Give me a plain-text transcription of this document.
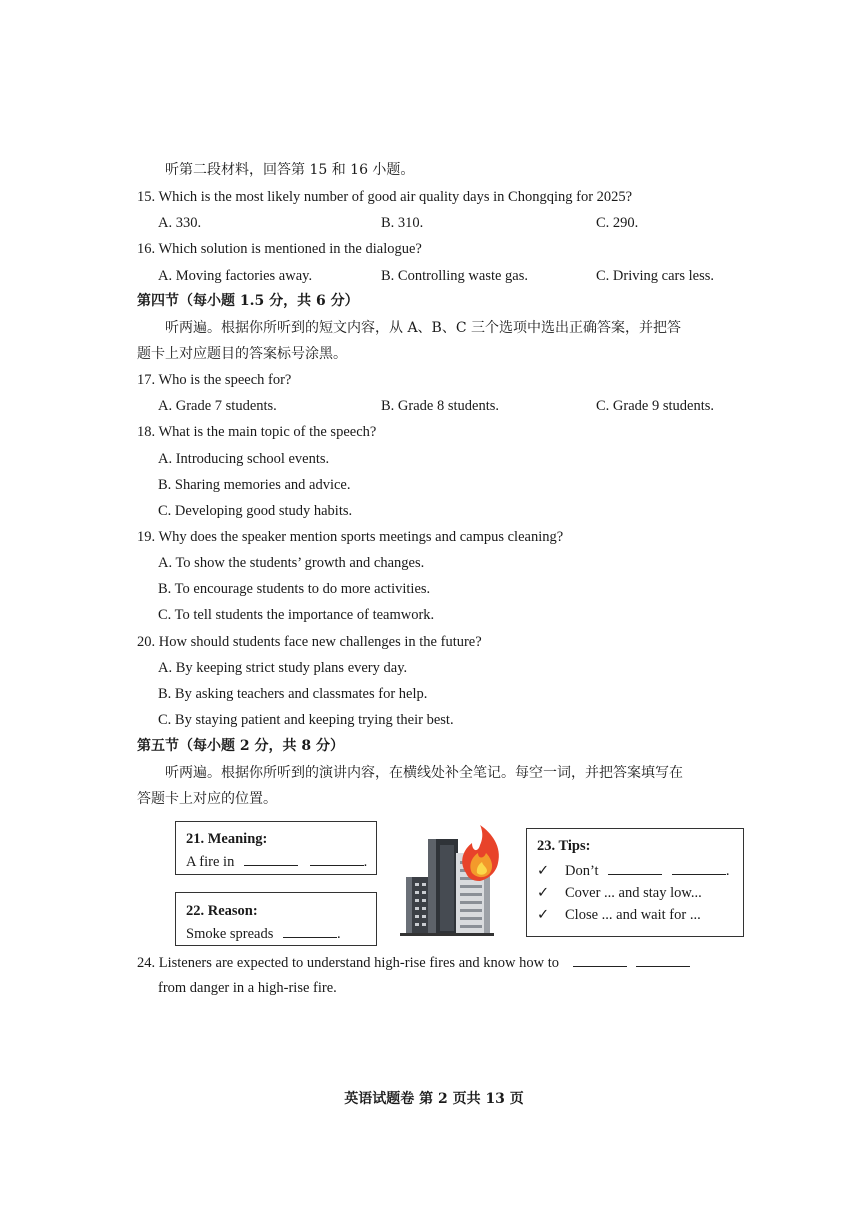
听第二段材料，回答第 15 和 16 小题。
15. Which is the most likely number of good air quality days in Chongqing for 2025?
A. 330.	B. 310.	C. 290.
16. Which solution is mentioned in the dialogue?
A. Moving factories away.	B. Controlling waste gas.	C. Driving cars less.
第四节（每小题 1.5 分，共 6 分）
听两遍。根据你所听到的短文内容，从 A、B、C 三个选项中选出正确答案，并把答
题卡上对应题目的答案标号涂黑。
17. Who is the speech for?
A. Grade 7 students.	B. Grade 8 students.	C. Grade 9 students.
18. What is the main topic of the speech?
A. Introducing school events.
B. Sharing memories and advice.
C. Developing good study habits.
19. Why does the speaker mention sports meetings and campus cleaning?
A. To show the students’ growth and changes.
B. To encourage students to do more activities.
C. To tell students the importance of teamwork.
20. How should students face new challenges in the future?
A. By keeping strict study plans every day.
B. By asking teachers and classmates for help.
C. By staying patient and keeping trying their best.
第五节（每小题 2 分，共 8 分）
听两遍。根据你所听到的演讲内容，在横线处补全笔记。每空一词，并把答案填写在
答题卡上对应的位置。
21. Meaning:
A fire in	.
22. Reason:
Smoke spreads	.
23. Tips:
✓ Don’t	.
✓ Cover ... and stay low...
✓ Close ... and wait for ...
24. Listeners are expected to understand high-rise fires and know how to
from danger in a high-rise fire.
英语试题卷 第 2 页共 13 页
